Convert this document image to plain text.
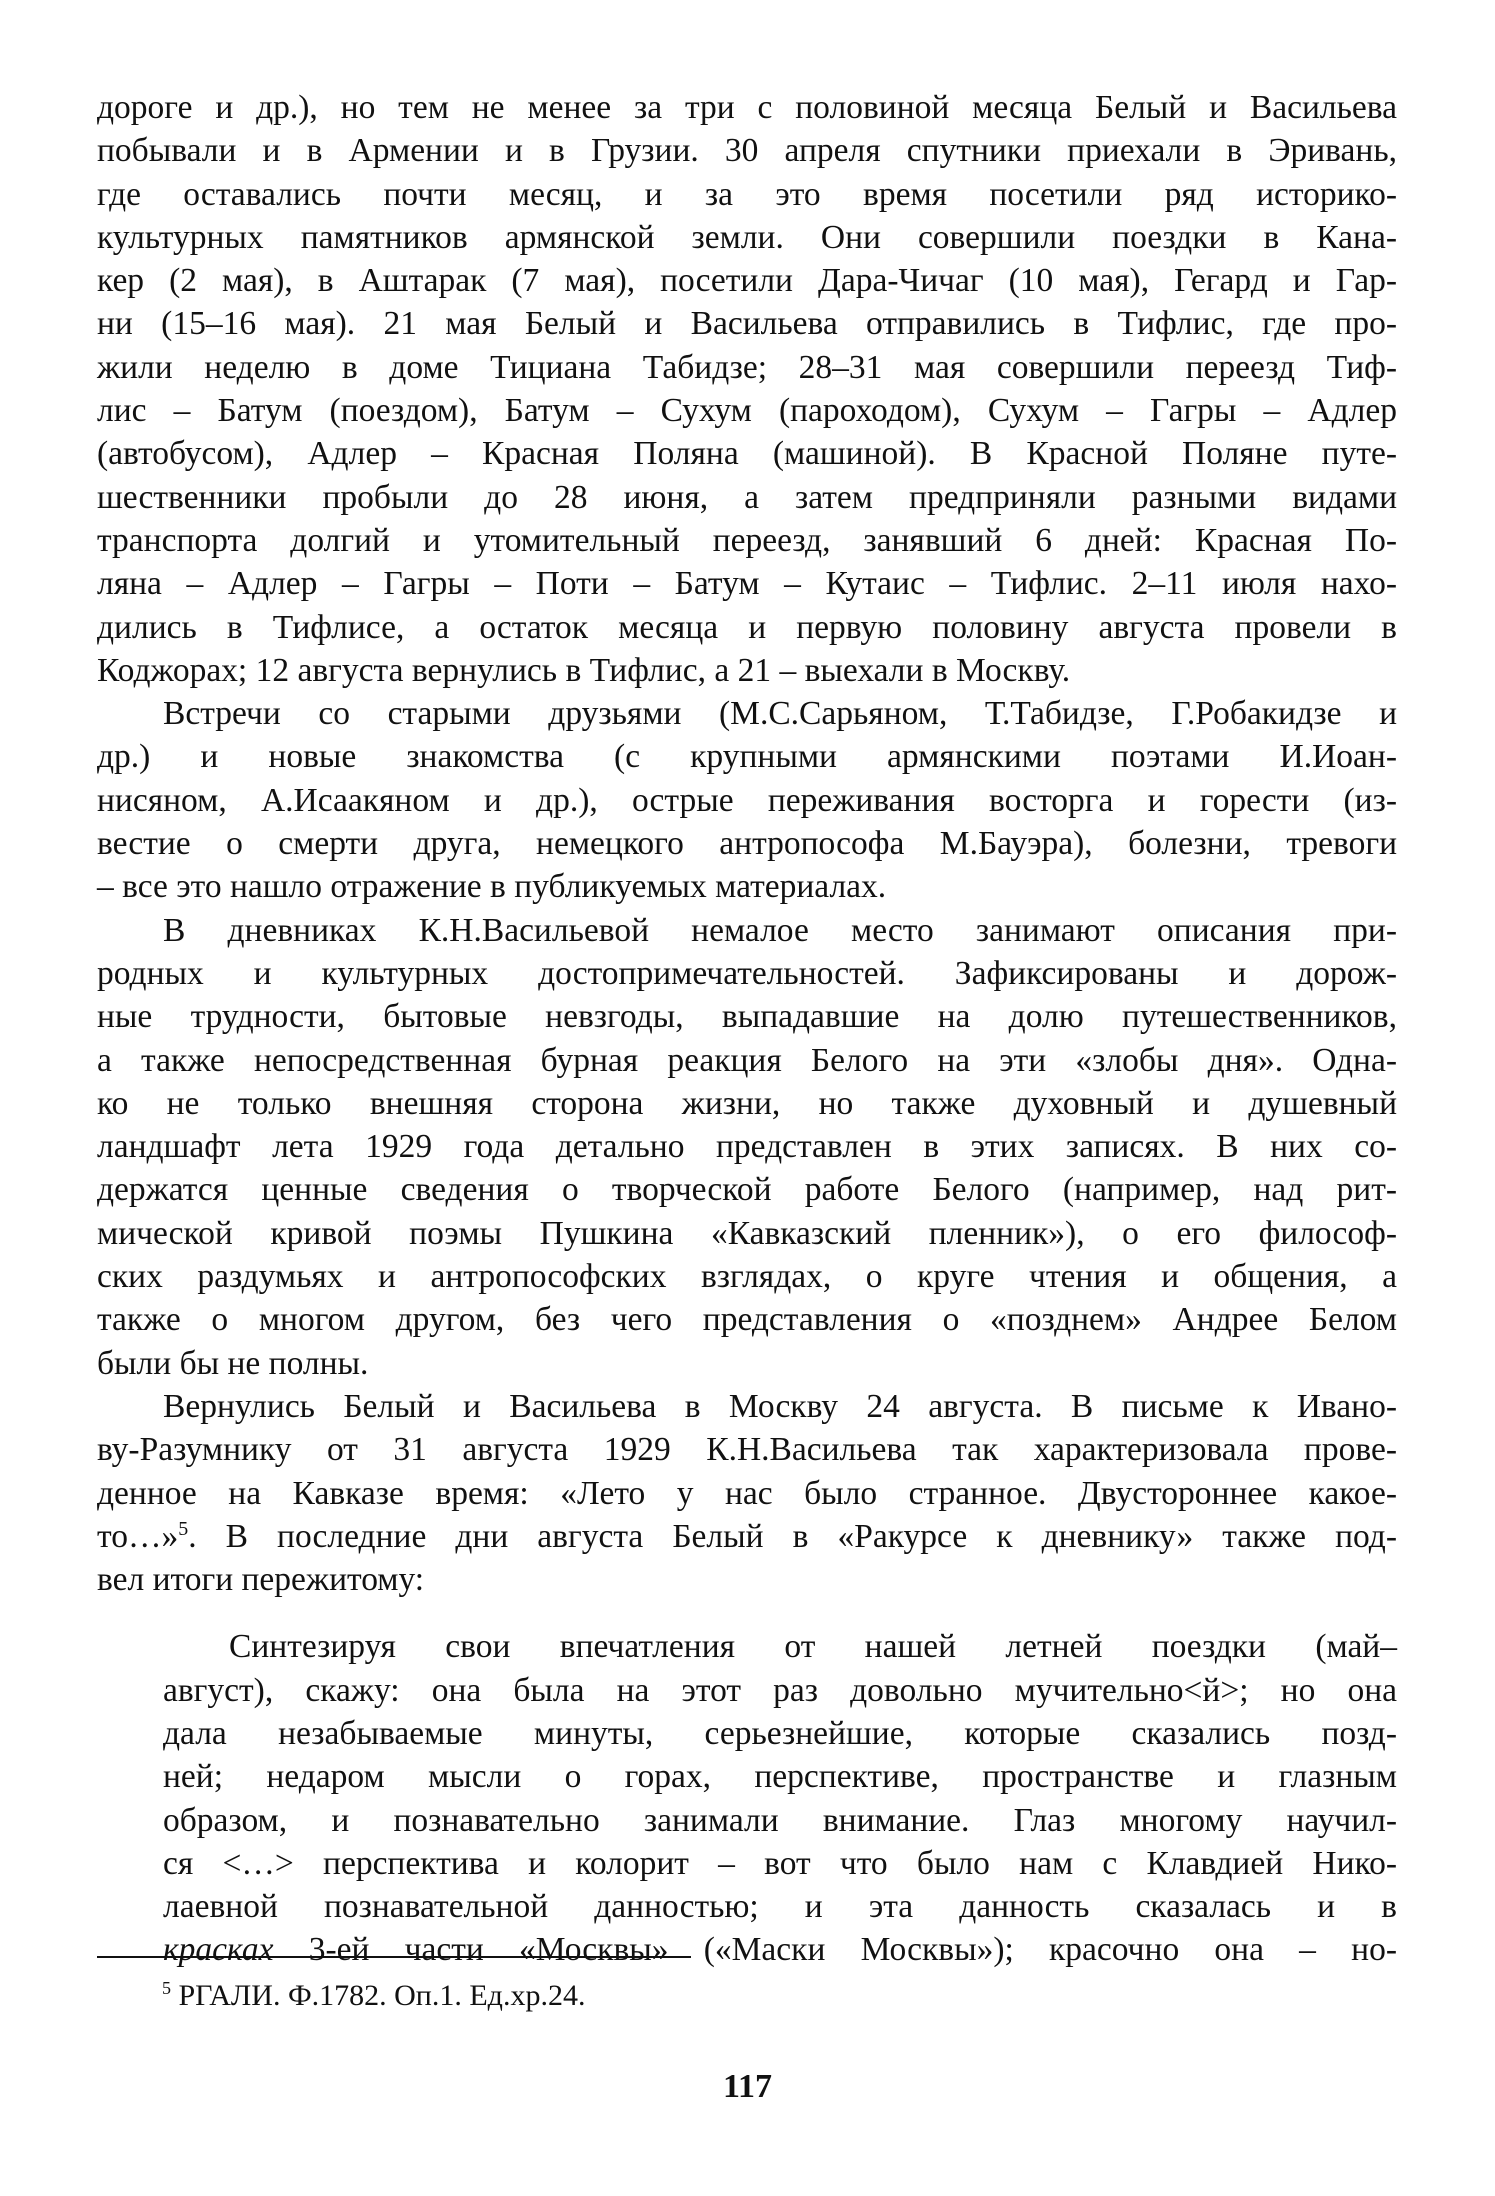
дороге и др.), но тем не менее за три с половиной месяца Белый и Васильева
побывали и в Армении и в Грузии. 30 апреля спутники приехали в Эривань,
где оставались почти месяц, и за это время посетили ряд историко-
культурных памятников армянской земли. Они совершили поездки в Кана-
кер (2 мая), в Аштарак (7 мая), посетили Дара-Чичаг (10 мая), Гегард и Гар-
ни (15–16 мая). 21 мая Белый и Васильева отправились в Тифлис, где про-
жили неделю в доме Тициана Табидзе; 28–31 мая совершили переезд Тиф-
лис – Батум (поездом), Батум – Сухум (пароходом), Сухум – Гагры – Адлер
(автобусом), Адлер – Красная Поляна (машиной). В Красной Поляне путе-
шественники пробыли до 28 июня, а затем предприняли разными видами
транспорта долгий и утомительный переезд, занявший 6 дней: Красная По-
ляна – Адлер – Гагры – Поти – Батум – Кутаис – Тифлис. 2–11 июля нахо-
дились в Тифлисе, а остаток месяца и первую половину августа провели в
Коджорах; 12 августа вернулись в Тифлис, а 21 – выехали в Москву.
Встречи со старыми друзьями (М.С.Сарьяном, Т.Табидзе, Г.Робакидзе и
др.) и новые знакомства (с крупными армянскими поэтами И.Иоан-
нисяном, А.Исаакяном и др.), острые переживания восторга и горести (из-
вестие о смерти друга, немецкого антропософа М.Бауэра), болезни, тревоги
– все это нашло отражение в публикуемых материалах.
В дневниках К.Н.Васильевой немалое место занимают описания при-
родных и культурных достопримечательностей. Зафиксированы и дорож-
ные трудности, бытовые невзгоды, выпадавшие на долю путешественников,
а также непосредственная бурная реакция Белого на эти «злобы дня». Одна-
ко не только внешняя сторона жизни, но также духовный и душевный
ландшафт лета 1929 года детально представлен в этих записях. В них со-
держатся ценные сведения о творческой работе Белого (например, над рит-
мической кривой поэмы Пушкина «Кавказский пленник»), о его философ-
ских раздумьях и антропософских взглядах, о круге чтения и общения, а
также о многом другом, без чего представления о «позднем» Андрее Белом
были бы не полны.
Вернулись Белый и Васильева в Москву 24 августа. В письме к Ивано-
ву-Разумнику от 31 августа 1929 К.Н.Васильева так характеризовала прове-
денное на Кавказе время: «Лето у нас было странное. Двустороннее какое-
то…»$^5$. В последние дни августа Белый в «Ракурсе к дневнику» также под-
вел итоги пережитому:
Синтезируя свои впечатления от нашей летней поездки (май–
август), скажу: она была на этот раз довольно мучительно<й>; но она
дала незабываемые минуты, серьезнейшие, которые сказались позд-
ней; недаром мысли о горах, перспективе, пространстве и глазным
образом, и познавательно занимали внимание. Глаз многому научил-
ся <…> перспектива и колорит – вот что было нам с Клавдией Нико-
лаевной познавательной данностью; и эта данность сказалась и в
красках 3-ей части «Москвы» («Маски Москвы»); красочно она – но-
$^5$ РГАЛИ. Ф.1782. Оп.1. Ед.хр.24.
117
